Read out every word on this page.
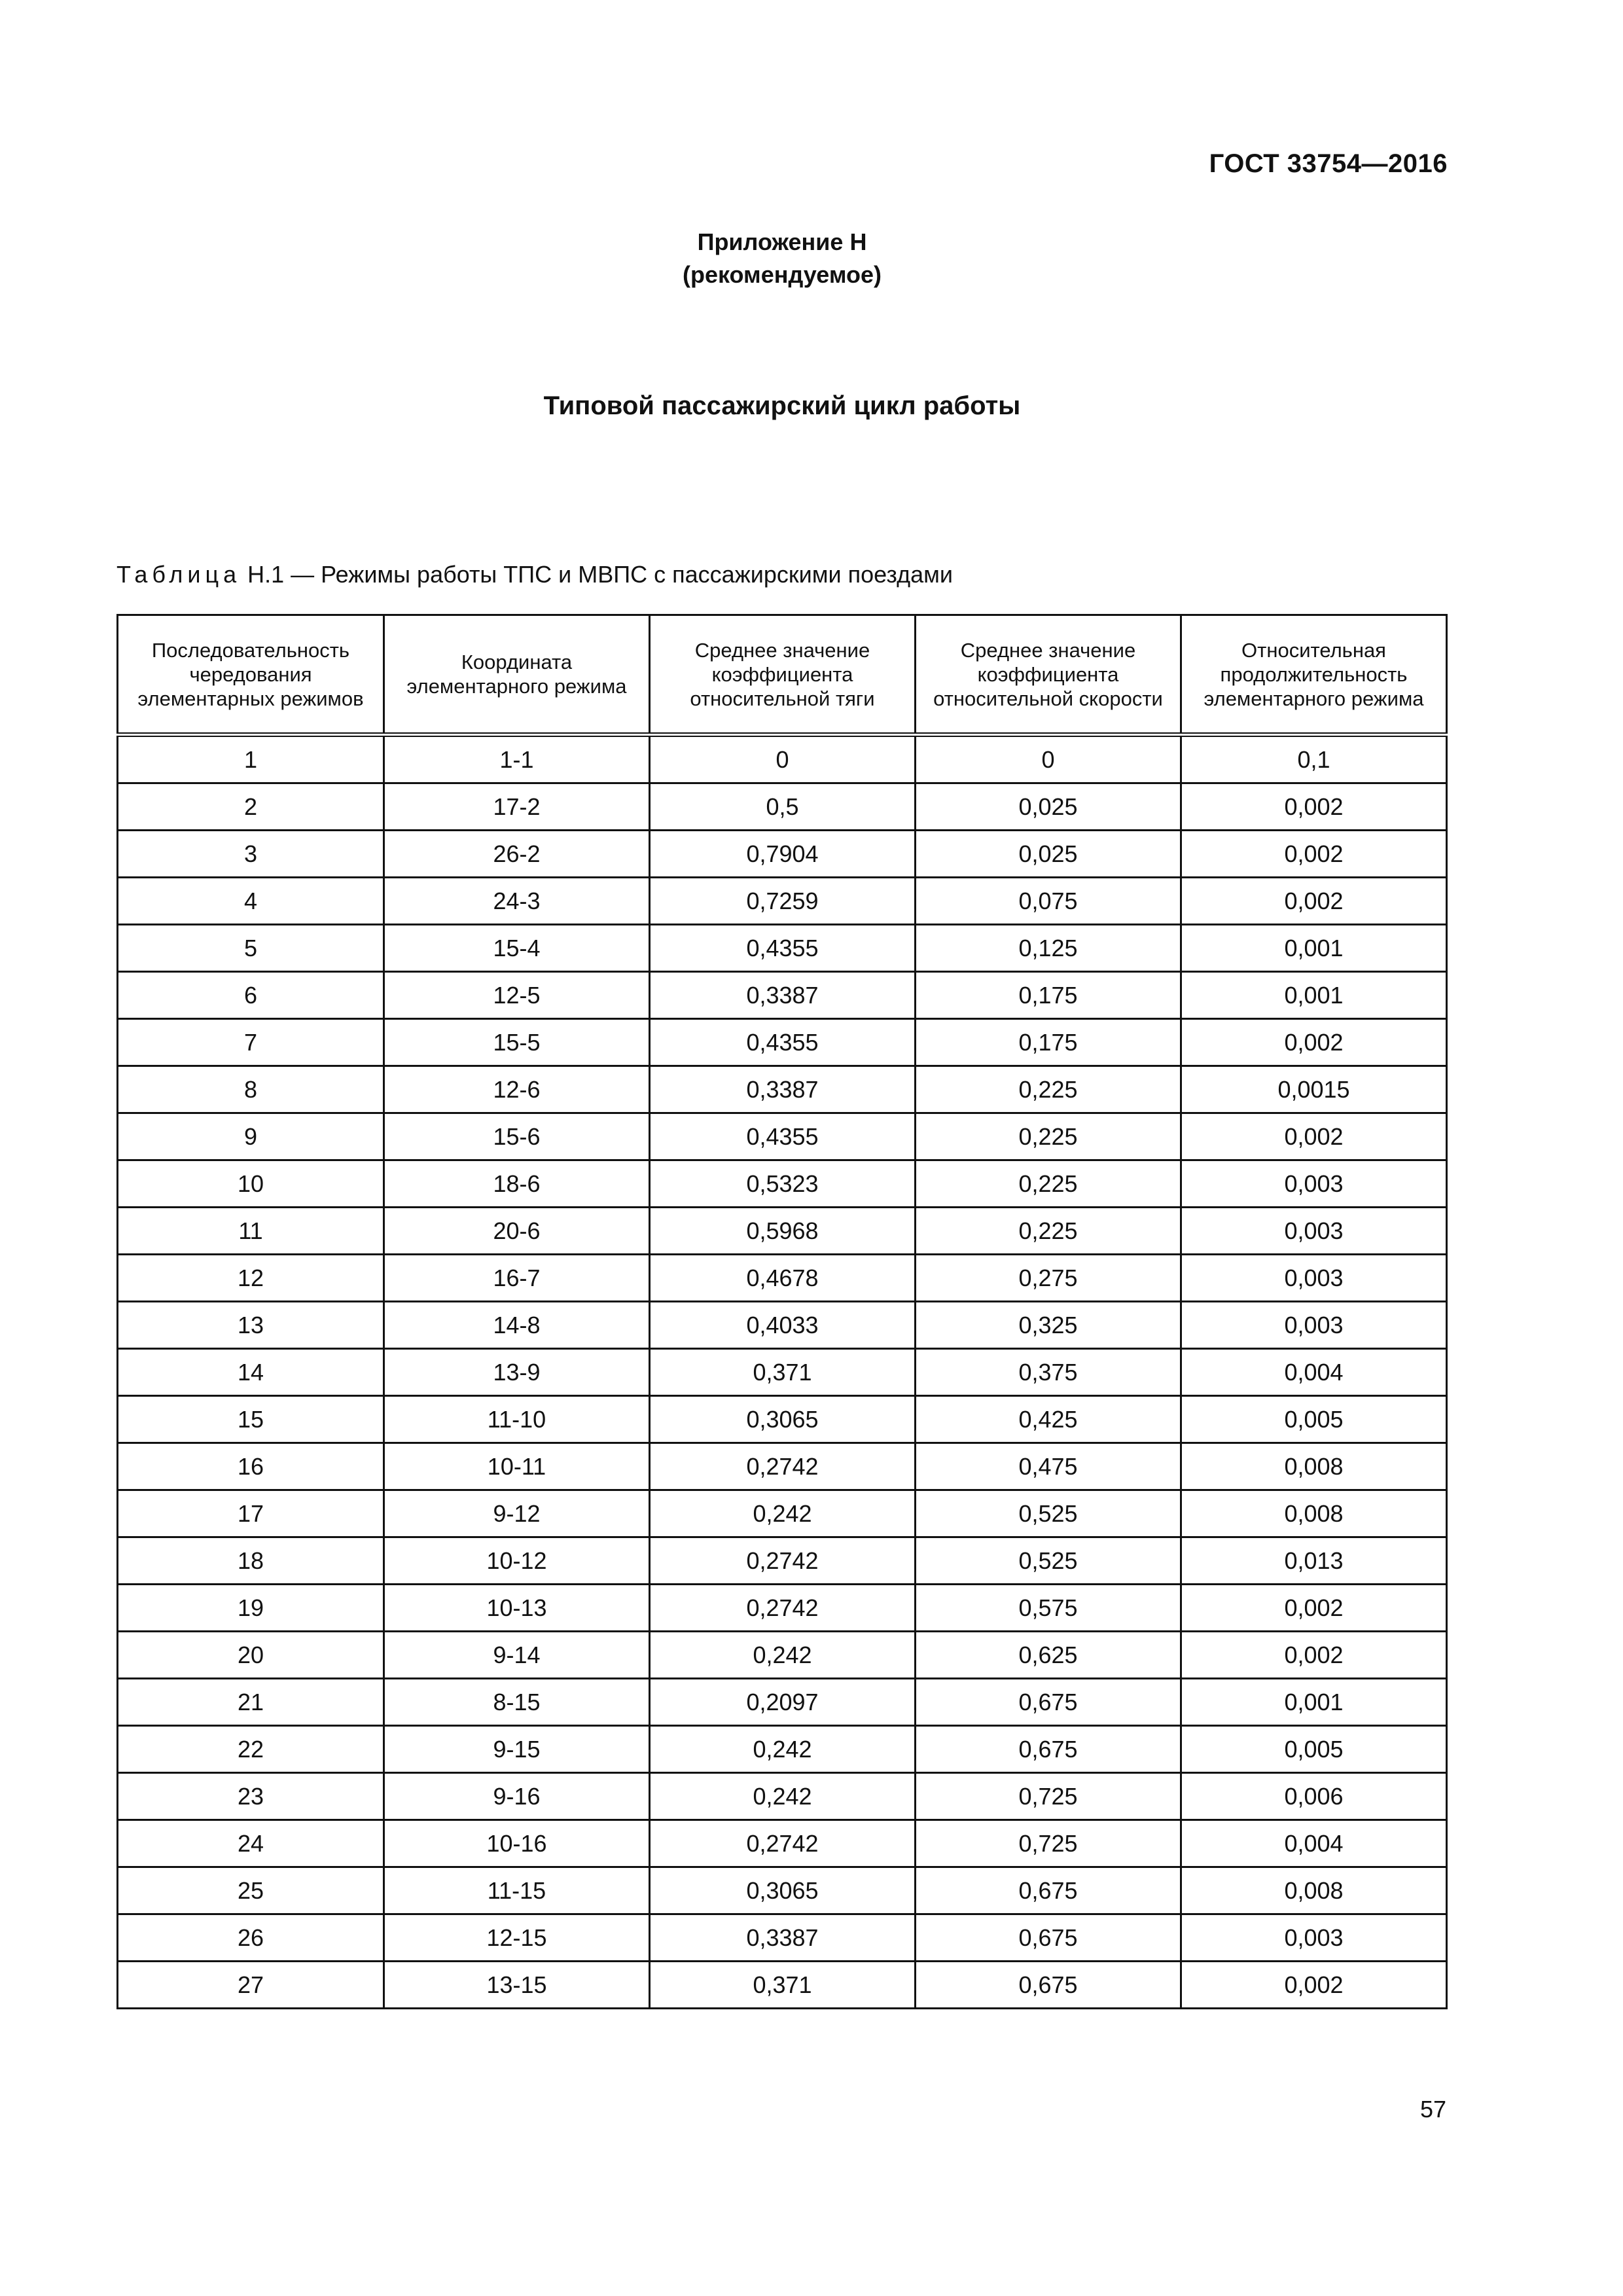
ГОСТ 33754—2016
Приложение Н
(рекомендуемое)
Типовой пассажирский цикл работы
Таблица Н.1 — Режимы работы ТПС и МВПС с пассажирскими поездами
Последовательность чередования элементарных режимов	Координата элементарного режима	Среднее значение коэффициента относительной тяги	Среднее значение коэффициента относительной скорости	Относительная продолжительность элементарного режима
1	1-1	0	0	0,1
2	17-2	0,5	0,025	0,002
3	26-2	0,7904	0,025	0,002
4	24-3	0,7259	0,075	0,002
5	15-4	0,4355	0,125	0,001
6	12-5	0,3387	0,175	0,001
7	15-5	0,4355	0,175	0,002
8	12-6	0,3387	0,225	0,0015
9	15-6	0,4355	0,225	0,002
10	18-6	0,5323	0,225	0,003
11	20-6	0,5968	0,225	0,003
12	16-7	0,4678	0,275	0,003
13	14-8	0,4033	0,325	0,003
14	13-9	0,371	0,375	0,004
15	11-10	0,3065	0,425	0,005
16	10-11	0,2742	0,475	0,008
17	9-12	0,242	0,525	0,008
18	10-12	0,2742	0,525	0,013
19	10-13	0,2742	0,575	0,002
20	9-14	0,242	0,625	0,002
21	8-15	0,2097	0,675	0,001
22	9-15	0,242	0,675	0,005
23	9-16	0,242	0,725	0,006
24	10-16	0,2742	0,725	0,004
25	11-15	0,3065	0,675	0,008
26	12-15	0,3387	0,675	0,003
27	13-15	0,371	0,675	0,002
57
